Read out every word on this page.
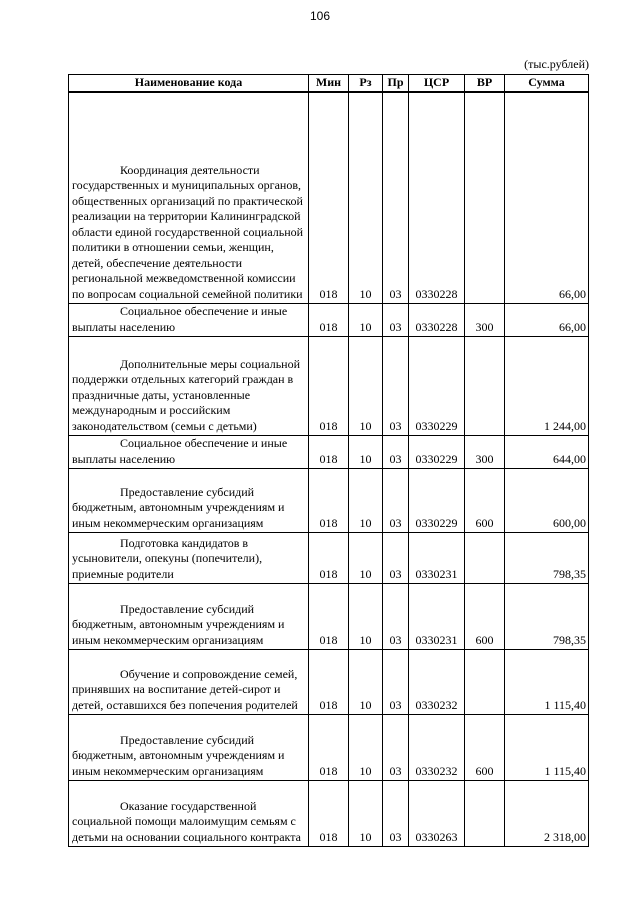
106
(тыс.рублей)
Наименование кода	Мин	Рз	Пр	ЦСР	ВР	Сумма

Координация деятельности государственных и муниципальных органов, общественных организаций по практической реализации на территории Калининградской области единой государственной социальной политики в отношении семьи, женщин, детей, обеспечение деятельности региональной межведомственной комиссии по вопросам социальной семейной политики	018	10	03	0330228		66,00

Социальное обеспечение и иные выплаты населению	018	10	03	0330228	300	66,00

Дополнительные меры социальной поддержки отдельных категорий граждан в праздничные даты, установленные международным и российским законодательством (семьи с детьми)	018	10	03	0330229		1 244,00

Социальное обеспечение и иные выплаты населению	018	10	03	0330229	300	644,00

Предоставление субсидий бюджетным, автономным учреждениям и иным некоммерческим организациям	018	10	03	0330229	600	600,00

Подготовка кандидатов в усыновители, опекуны (попечители), приемные родители	018	10	03	0330231		798,35

Предоставление субсидий бюджетным, автономным учреждениям и иным некоммерческим организациям	018	10	03	0330231	600	798,35

Обучение и сопровождение семей, принявших на воспитание детей-сирот и детей, оставшихся без попечения родителей	018	10	03	0330232		1 115,40

Предоставление субсидий бюджетным, автономным учреждениям и иным некоммерческим организациям	018	10	03	0330232	600	1 115,40

Оказание государственной социальной помощи малоимущим семьям с детьми на основании социального контракта	018	10	03	0330263		2 318,00
